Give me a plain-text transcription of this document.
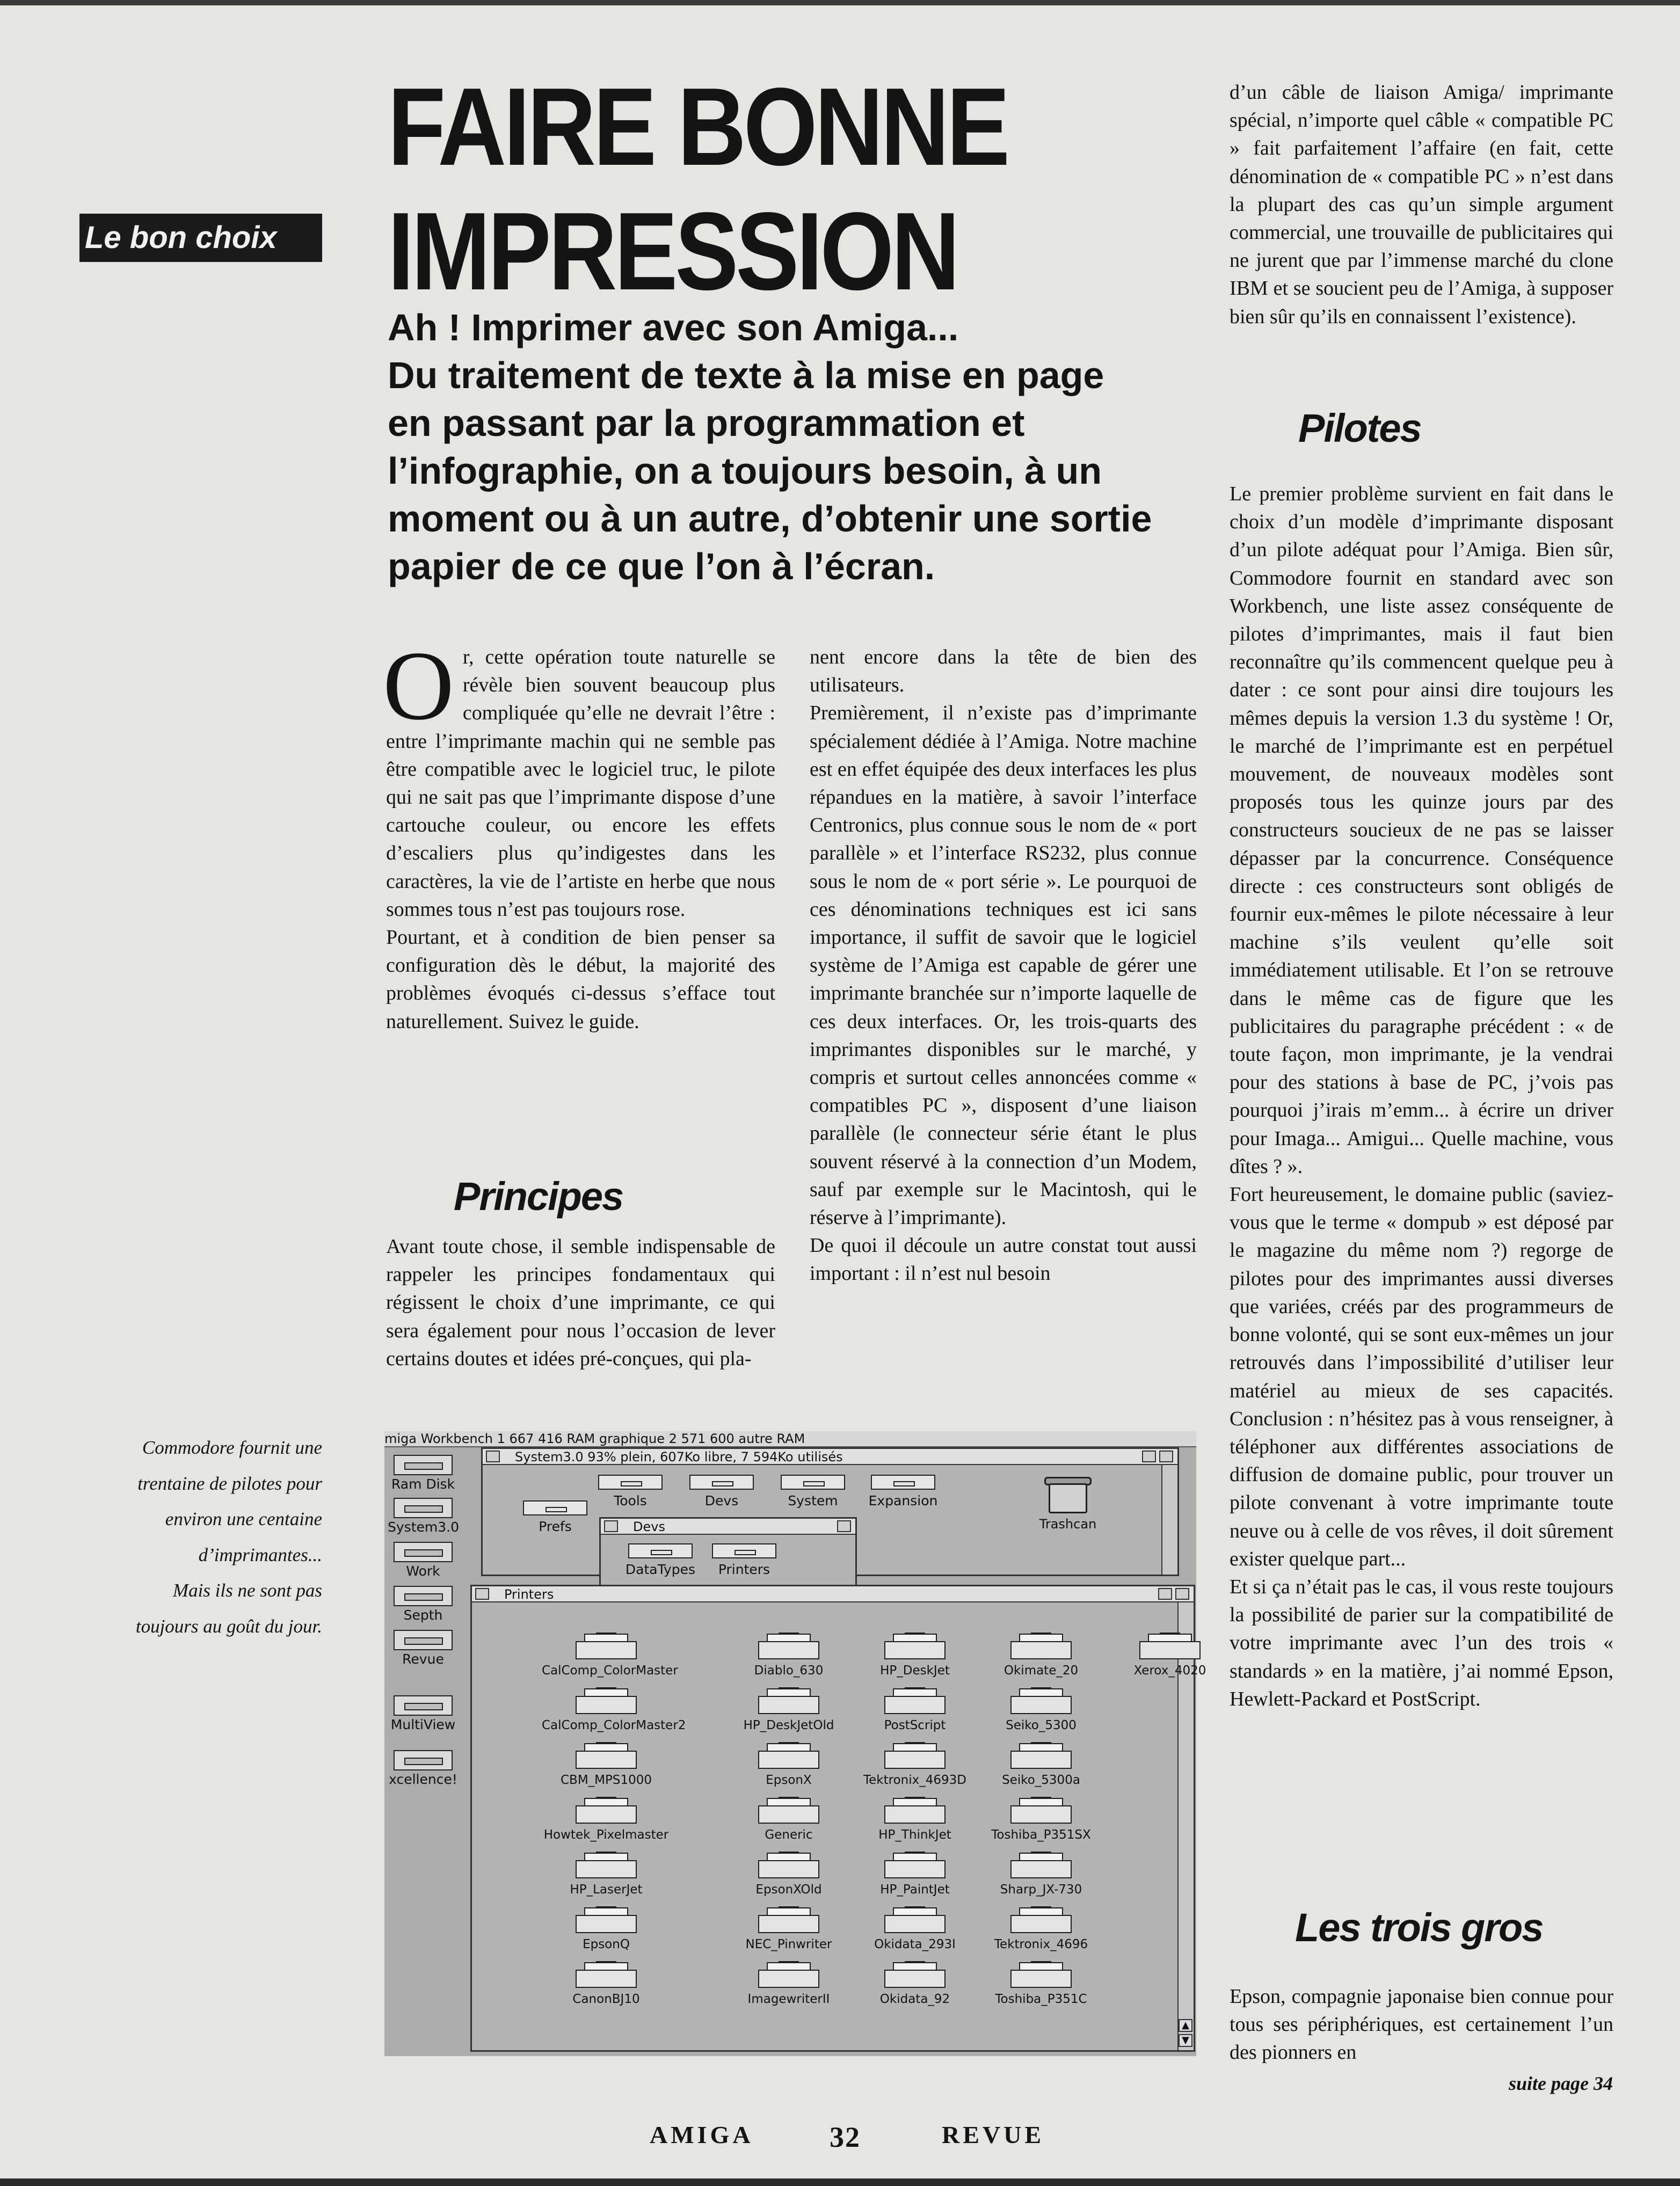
Le bon choix
FAIRE BONNE
IMPRESSION
Ah ! Imprimer avec son Amiga...
Du traitement de texte à la mise en page
en passant par la programmation et
l’infographie, on a toujours besoin, à un
moment ou à un autre, d’obtenir une sortie
papier de ce que l’on à l’écran.

Or, cette opération toute naturelle se révèle bien souvent beaucoup plus compliquée qu’elle ne devrait l’être : entre l’imprimante machin qui ne semble pas être compatible avec le logiciel truc, le pilote qui ne sait pas que l’imprimante dispose d’une cartouche couleur, ou encore les effets d’escaliers plus qu’indigestes dans les caractères, la vie de l’artiste en herbe que nous sommes tous n’est pas toujours rose.

Pourtant, et à condition de bien penser sa configuration dès le début, la majorité des problèmes évoqués ci-dessus s’efface tout naturellement. Suivez le guide.

Principes

Avant toute chose, il semble indispensable de rappeler les principes fondamentaux qui régissent le choix d’une imprimante, ce qui sera également pour nous l’occasion de lever certains doutes et idées pré-conçues, qui pla-

nent encore dans la tête de bien des utilisateurs.

Premièrement, il n’existe pas d’imprimante spécialement dédiée à l’Amiga. Notre machine est en effet équipée des deux interfaces les plus répandues en la matière, à savoir l’interface Centronics, plus connue sous le nom de « port parallèle » et l’interface RS232, plus connue sous le nom de « port série ». Le pourquoi de ces dénominations techniques est ici sans importance, il suffit de savoir que le logiciel système de l’Amiga est capable de gérer une imprimante branchée sur n’importe laquelle de ces deux interfaces. Or, les trois-quarts des imprimantes disponibles sur le marché, y compris et surtout celles annoncées comme « compatibles PC », disposent d’une liaison parallèle (le connecteur série étant le plus souvent réservé à la connection d’un Modem, sauf par exemple sur le Macintosh, qui le réserve à l’imprimante).

De quoi il découle un autre constat tout aussi important : il n’est nul besoin

d’un câble de liaison Amiga/ imprimante spécial, n’importe quel câble « compatible PC » fait parfaitement l’affaire (en fait, cette dénomination de « compatible PC » n’est dans la plupart des cas qu’un simple argument commercial, une trouvaille de publicitaires qui ne jurent que par l’immense marché du clone IBM et se soucient peu de l’Amiga, à supposer bien sûr qu’ils en connaissent l’existence).

Pilotes

Le premier problème survient en fait dans le choix d’un modèle d’imprimante disposant d’un pilote adéquat pour l’Amiga. Bien sûr, Commodore fournit en standard avec son Workbench, une liste assez conséquente de pilotes d’imprimantes, mais il faut bien reconnaître qu’ils commencent quelque peu à dater : ce sont pour ainsi dire toujours les mêmes depuis la version 1.3 du système ! Or, le marché de l’imprimante est en perpétuel mouvement, de nouveaux modèles sont proposés tous les quinze jours par des constructeurs soucieux de ne pas se laisser dépasser par la concurrence. Conséquence directe : ces constructeurs sont obligés de fournir eux-mêmes le pilote nécessaire à leur machine s’ils veulent qu’elle soit immédiatement utilisable. Et l’on se retrouve dans le même cas de figure que les publicitaires du paragraphe précédent : « de toute façon, mon imprimante, je la vendrai pour des stations à base de PC, j’vois pas pourquoi j’irais m’emm... à écrire un driver pour Imaga... Amigui... Quelle machine, vous dîtes ? ».

Fort heureusement, le domaine public (saviez-vous que le terme « dompub » est déposé par le magazine du même nom ?) regorge de pilotes pour des imprimantes aussi diverses que variées, créés par des programmeurs de bonne volonté, qui se sont eux-mêmes un jour retrouvés dans l’impossibilité d’utiliser leur matériel au mieux de ses capacités. Conclusion : n’hésitez pas à vous renseigner, à téléphoner aux différentes associations de diffusion de domaine public, pour trouver un pilote convenant à votre imprimante toute neuve ou à celle de vos rêves, il doit sûrement exister quelque part...

Et si ça n’était pas le cas, il vous reste toujours la possibilité de parier sur la compatibilité de votre imprimante avec l’un des trois « standards » en la matière, j’ai nommé Epson, Hewlett-Packard et PostScript.

Les trois gros

Epson, compagnie japonaise bien connue pour tous ses périphériques, est certainement l’un des pionners en

Commodore fournit une
trentaine de pilotes pour
environ une centaine
d’imprimantes...
Mais ils ne sont pas
toujours au goût du jour.
miga Workbench 1 667 416 RAM graphique 2 571 600 autre RAM
Ram Disk
System3.0
Work
Septh
Revue
MultiView
xcellence!
System3.0 93% plein, 607Ko libre, 7 594Ko utilisés
Prefs
Tools	Devs	System	Expansion
Trashcan
Devs
DataTypes	Printers
Printers
▲
▼
CalComp_ColorMaster	Diablo_630	HP_DeskJet	Okimate_20	Xerox_4020
CalComp_ColorMaster2	HP_DeskJetOld	PostScript	Seiko_5300
CBM_MPS1000	EpsonX	Tektronix_4693D	Seiko_5300a
Howtek_Pixelmaster	Generic	HP_ThinkJet	Toshiba_P351SX
HP_LaserJet	EpsonXOld	HP_PaintJet	Sharp_JX-730
EpsonQ	NEC_Pinwriter	Okidata_293I	Tektronix_4696
CanonBJ10	ImagewriterII	Okidata_92	Toshiba_P351C
suite page 34
AMIGA	32	REVUE
